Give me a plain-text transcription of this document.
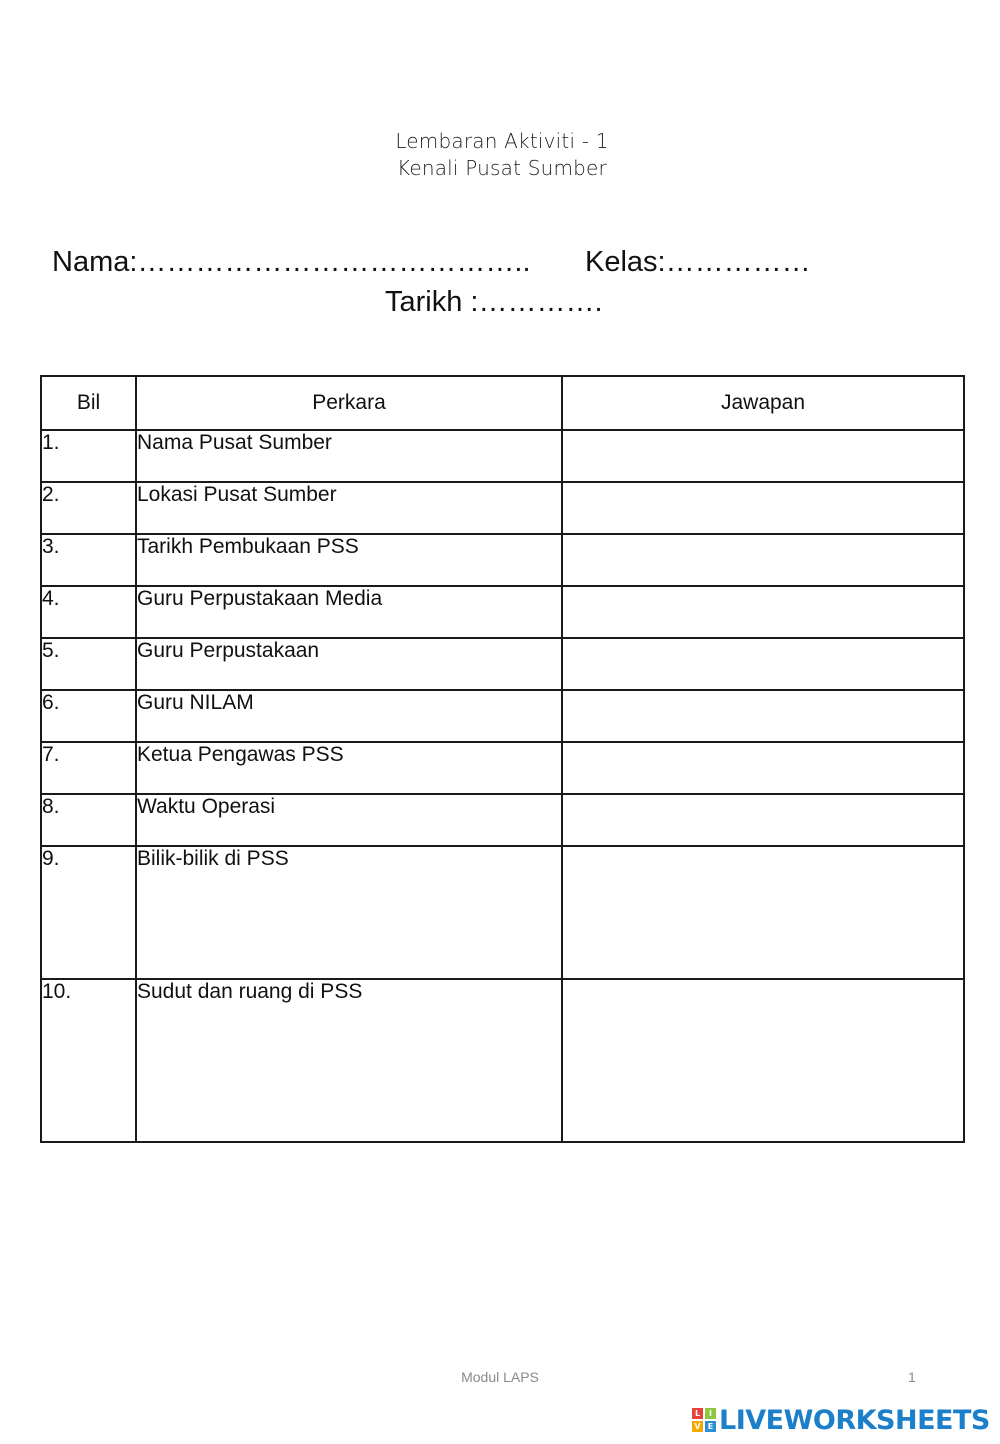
Lembaran Aktiviti - 1
Kenali Pusat Sumber
Nama:………………………………….. Kelas:……………
Tarikh :………….
Bil	Perkara	Jawapan
1.	Nama Pusat Sumber	
2.	Lokasi Pusat Sumber	
3.	Tarikh Pembukaan PSS	
4.	Guru Perpustakaan Media	
5.	Guru Perpustakaan	
6.	Guru NILAM	
7.	Ketua Pengawas PSS	
8.	Waktu Operasi	
9.	Bilik-bilik di PSS	
10.	Sudut dan ruang di PSS	
Modul LAPS	1
L	I
V E LIVEWORKSHEETS
